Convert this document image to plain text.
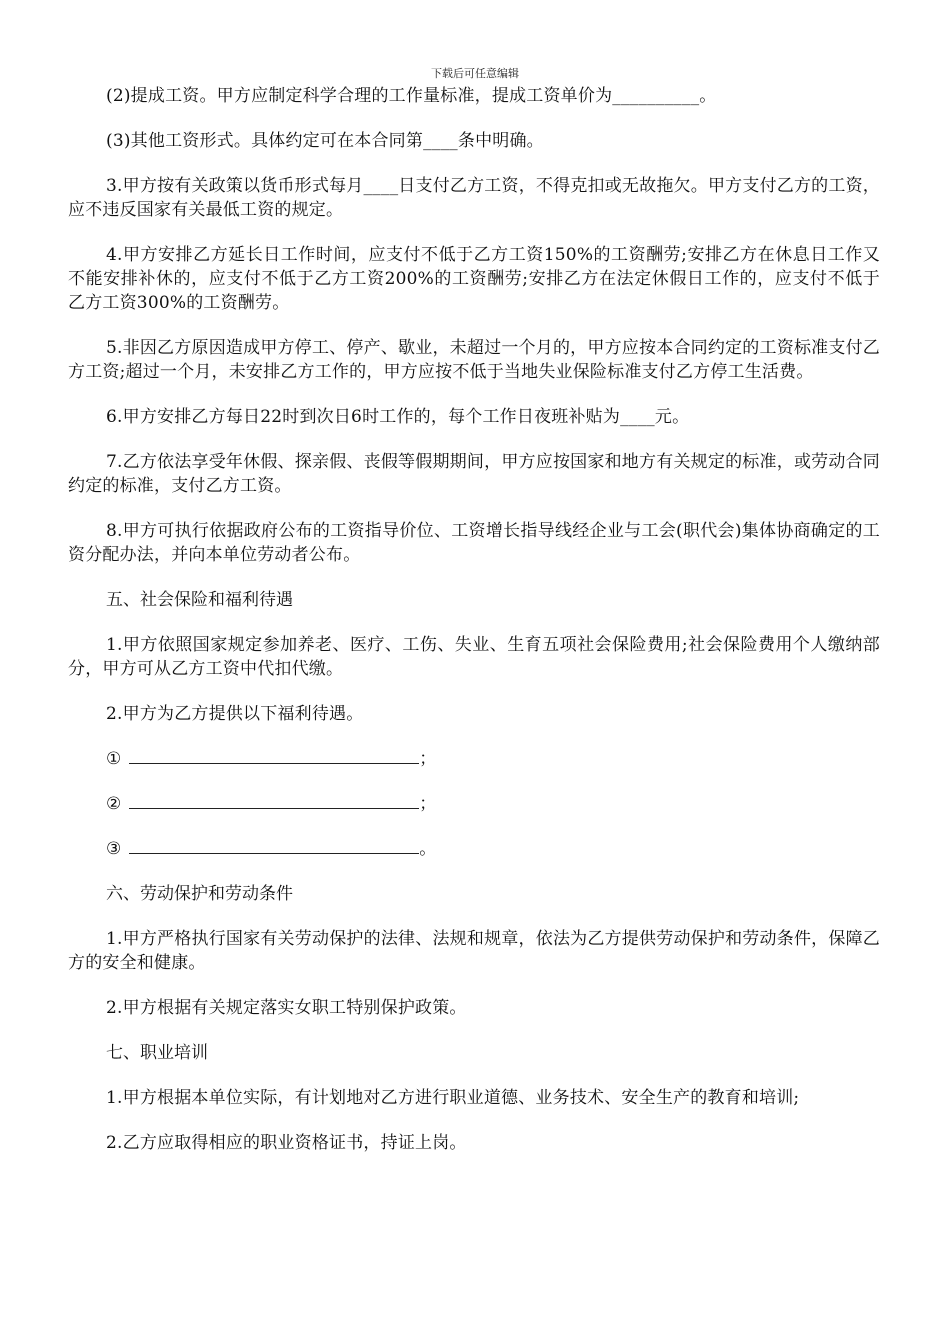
下载后可任意编辑

(2)提成工资。甲方应制定科学合理的工作量标准，提成工资单价为__________。

(3)其他工资形式。具体约定可在本合同第____条中明确。

3.甲方按有关政策以货币形式每月____日支付乙方工资，不得克扣或无故拖欠。甲方支付乙方的工资，应不违反国家有关最低工资的规定。

4.甲方安排乙方延长日工作时间，应支付不低于乙方工资150%的工资酬劳;安排乙方在休息日工作又不能安排补休的，应支付不低于乙方工资200%的工资酬劳;安排乙方在法定休假日工作的，应支付不低于乙方工资300%的工资酬劳。

5.非因乙方原因造成甲方停工、停产、歇业，未超过一个月的，甲方应按本合同约定的工资标准支付乙方工资;超过一个月，未安排乙方工作的，甲方应按不低于当地失业保险标准支付乙方停工生活费。

6.甲方安排乙方每日22时到次日6时工作的，每个工作日夜班补贴为____元。

7.乙方依法享受年休假、探亲假、丧假等假期期间，甲方应按国家和地方有关规定的标准，或劳动合同约定的标准，支付乙方工资。

8.甲方可执行依据政府公布的工资指导价位、工资增长指导线经企业与工会(职代会)集体协商确定的工资分配办法，并向本单位劳动者公布。

五、社会保险和福利待遇

1.甲方依照国家规定参加养老、医疗、工伤、失业、生育五项社会保险费用;社会保险费用个人缴纳部分，甲方可从乙方工资中代扣代缴。

2.甲方为乙方提供以下福利待遇。

①	；

②	；

③	。

六、劳动保护和劳动条件

1.甲方严格执行国家有关劳动保护的法律、法规和规章，依法为乙方提供劳动保护和劳动条件，保障乙方的安全和健康。

2.甲方根据有关规定落实女职工特别保护政策。

七、职业培训

1.甲方根据本单位实际，有计划地对乙方进行职业道德、业务技术、安全生产的教育和培训;

2.乙方应取得相应的职业资格证书，持证上岗。
